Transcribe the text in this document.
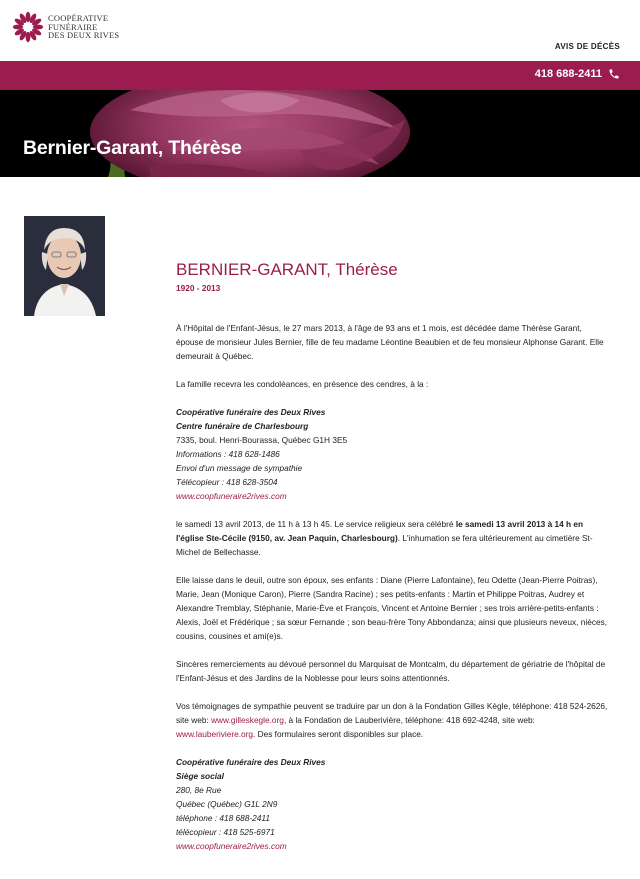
COOPÉRATIVE
FUNÉRAIRE
DES DEUX RIVES
AVIS DE DÉCÈS
418 688-2411
Bernier-Garant, Thérèse
BERNIER-GARANT, Thérèse
1920 - 2013

À l'Hôpital de l'Enfant-Jésus, le 27 mars 2013, à l'âge de 93 ans et 1 mois, est décédée dame Thérèse Garant, épouse de monsieur Jules Bernier, fille de feu madame Léontine Beaubien et de feu monsieur Alphonse Garant. Elle demeurait à Québec.

La famille recevra les condoléances, en présence des cendres, à la :

Coopérative funéraire des Deux Rives
Centre funéraire de Charlesbourg
7335, boul. Henri-Bourassa, Québec G1H 3E5
Informations : 418 628-1486
Envoi d'un message de sympathie
Télécopieur : 418 628-3504
www.coopfuneraire2rives.com

le samedi 13 avril 2013, de 11 h à 13 h 45. Le service religieux sera célébré le samedi 13 avril 2013 à 14 h en l'église Ste-Cécile (9150, av. Jean Paquin, Charlesbourg). L'inhumation se fera ultérieurement au cimetière St-Michel de Bellechasse.

Elle laisse dans le deuil, outre son époux, ses enfants : Diane (Pierre Lafontaine), feu Odette (Jean-Pierre Poitras), Marie, Jean (Monique Caron), Pierre (Sandra Racine) ; ses petits-enfants : Martin et Philippe Poitras, Audrey et Alexandre Tremblay, Stéphanie, Marie-Ève et François, Vincent et Antoine Bernier ; ses trois arrière-petits-enfants : Alexis, Joël et Frédérique ; sa sœur Fernande ; son beau-frère Tony Abbondanza; ainsi que plusieurs neveux, nièces, cousins, cousines et ami(e)s.

Sincères remerciements au dévoué personnel du Marquisat de Montcalm, du département de gériatrie de l'hôpital de l'Enfant-Jésus et des Jardins de la Noblesse pour leurs soins attentionnés.

Vos témoignages de sympathie peuvent se traduire par un don à la Fondation Gilles Kègle, téléphone: 418 524-2626, site web: www.gilleskegle.org, à la Fondation de Lauberivière, téléphone: 418 692-4248, site web: www.lauberiviere.org. Des formulaires seront disponibles sur place.

Coopérative funéraire des Deux Rives
Siège social
280, 8e Rue
Québec (Québec) G1L 2N9
téléphone : 418 688-2411
télécopieur : 418 525-6971
www.coopfuneraire2rives.com
